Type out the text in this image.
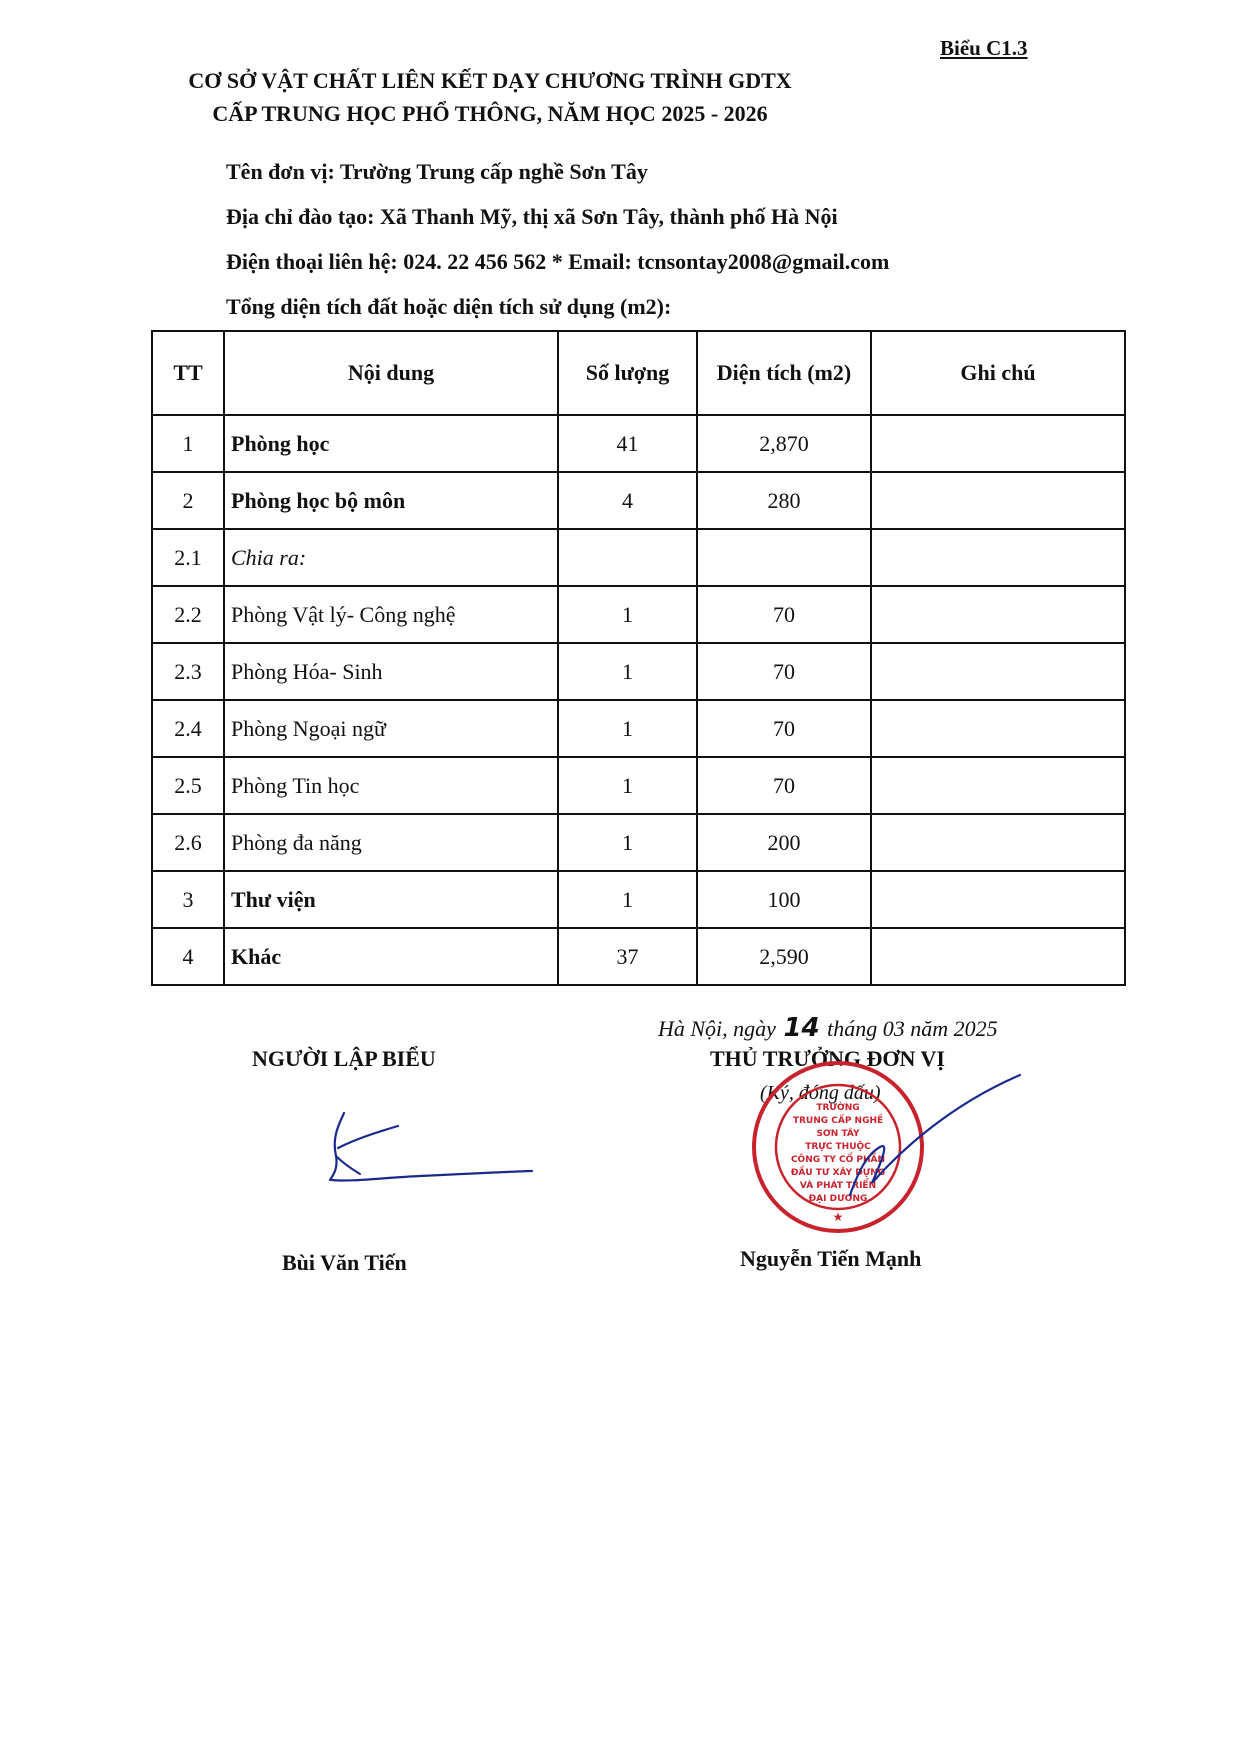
Biểu C1.3
CƠ SỞ VẬT CHẤT LIÊN KẾT DẠY CHƯƠNG TRÌNH GDTX
CẤP TRUNG HỌC PHỔ THÔNG, NĂM HỌC 2025 - 2026
Tên đơn vị: Trường Trung cấp nghề Sơn Tây
Địa chỉ đào tạo: Xã Thanh Mỹ, thị xã Sơn Tây, thành phố Hà Nội
Điện thoại liên hệ: 024. 22 456 562 * Email: tcnsontay2008@gmail.com
Tổng diện tích đất hoặc diện tích sử dụng (m2):
TT	Nội dung	Số lượng	Diện tích (m2)	Ghi chú
1	Phòng học	41	2,870	
2	Phòng học bộ môn	4	280	
2.1	Chia ra:			
2.2	Phòng Vật lý- Công nghệ	1	70	
2.3	Phòng Hóa- Sinh	1	70	
2.4	Phòng Ngoại ngữ	1	70	
2.5	Phòng Tin học	1	70	
2.6	Phòng đa năng	1	200	
3	Thư viện	1	100	
4	Khác	37	2,590	
Hà Nội, ngày 14 tháng 03 năm 2025
NGƯỜI LẬP BIỂU	THỦ TRƯỞNG ĐƠN VỊ
(Ký, đóng dấu)
TRƯỜNG
TRUNG CẤP NGHỀ
SƠN TÂY
TRỰC THUỘC
CÔNG TY CỔ PHẦN
ĐẦU TƯ XÂY DỰNG
VÀ PHÁT TRIỂN
ĐẠI DƯƠNG
★
Bùi Văn Tiến	Nguyễn Tiến Mạnh
